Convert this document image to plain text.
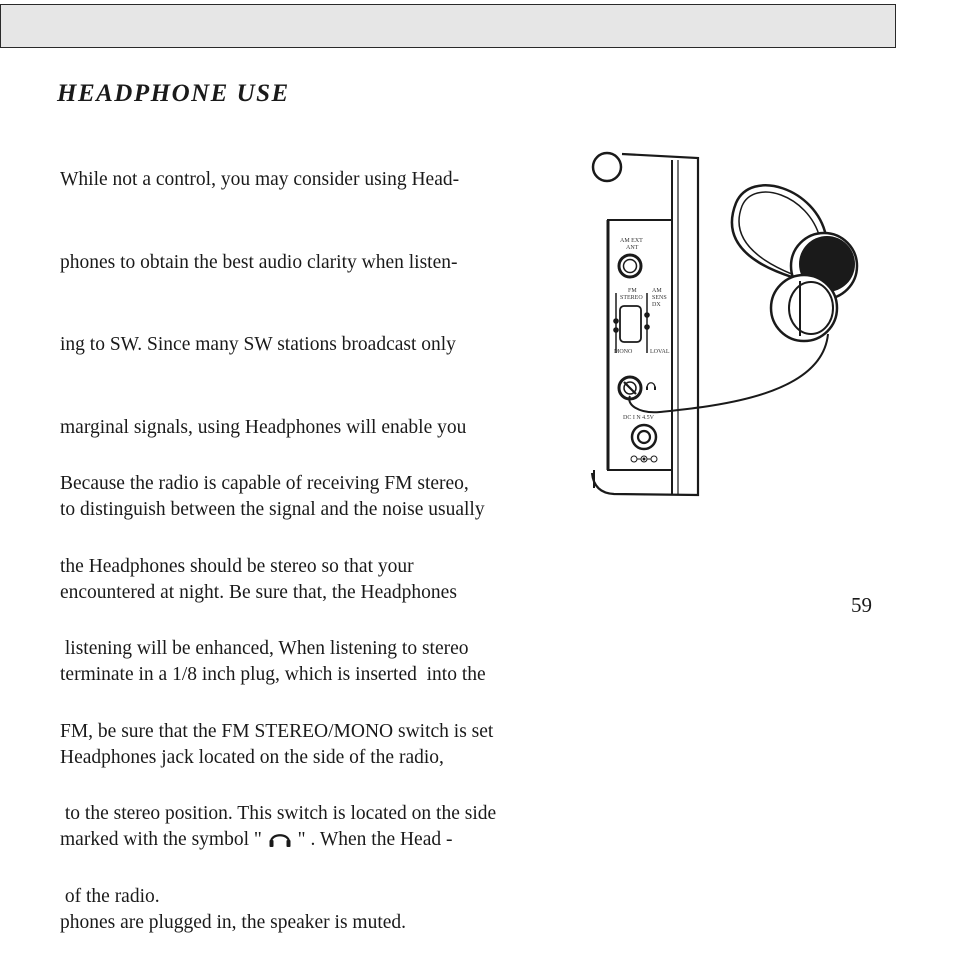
HEADPHONE USE

While not a control, you may consider using Head-

phones to obtain the best audio clarity when listen-

ing to SW. Since many SW stations broadcast only

marginal signals, using Headphones will enable you

to distinguish between the signal and the noise usually

encountered at night. Be sure that, the Headphones

terminate in a 1/8 inch plug, which is inserted  into the

Headphones jack located on the side of the radio,

marked with the symbol "  " . When the Head -

phones are plugged in, the speaker is muted.

Because the radio is capable of receiving FM stereo,

the Headphones should be stereo so that your

listening will be enhanced, When listening to stereo

FM, be sure that the FM STEREO/MONO switch is set

to the stereo position. This switch is located on the side

of the radio.

AM EXT
ANT
FM
STEREO
MONO
AM
SENS
DX
LOVAL
DC I N 4.5V
59
